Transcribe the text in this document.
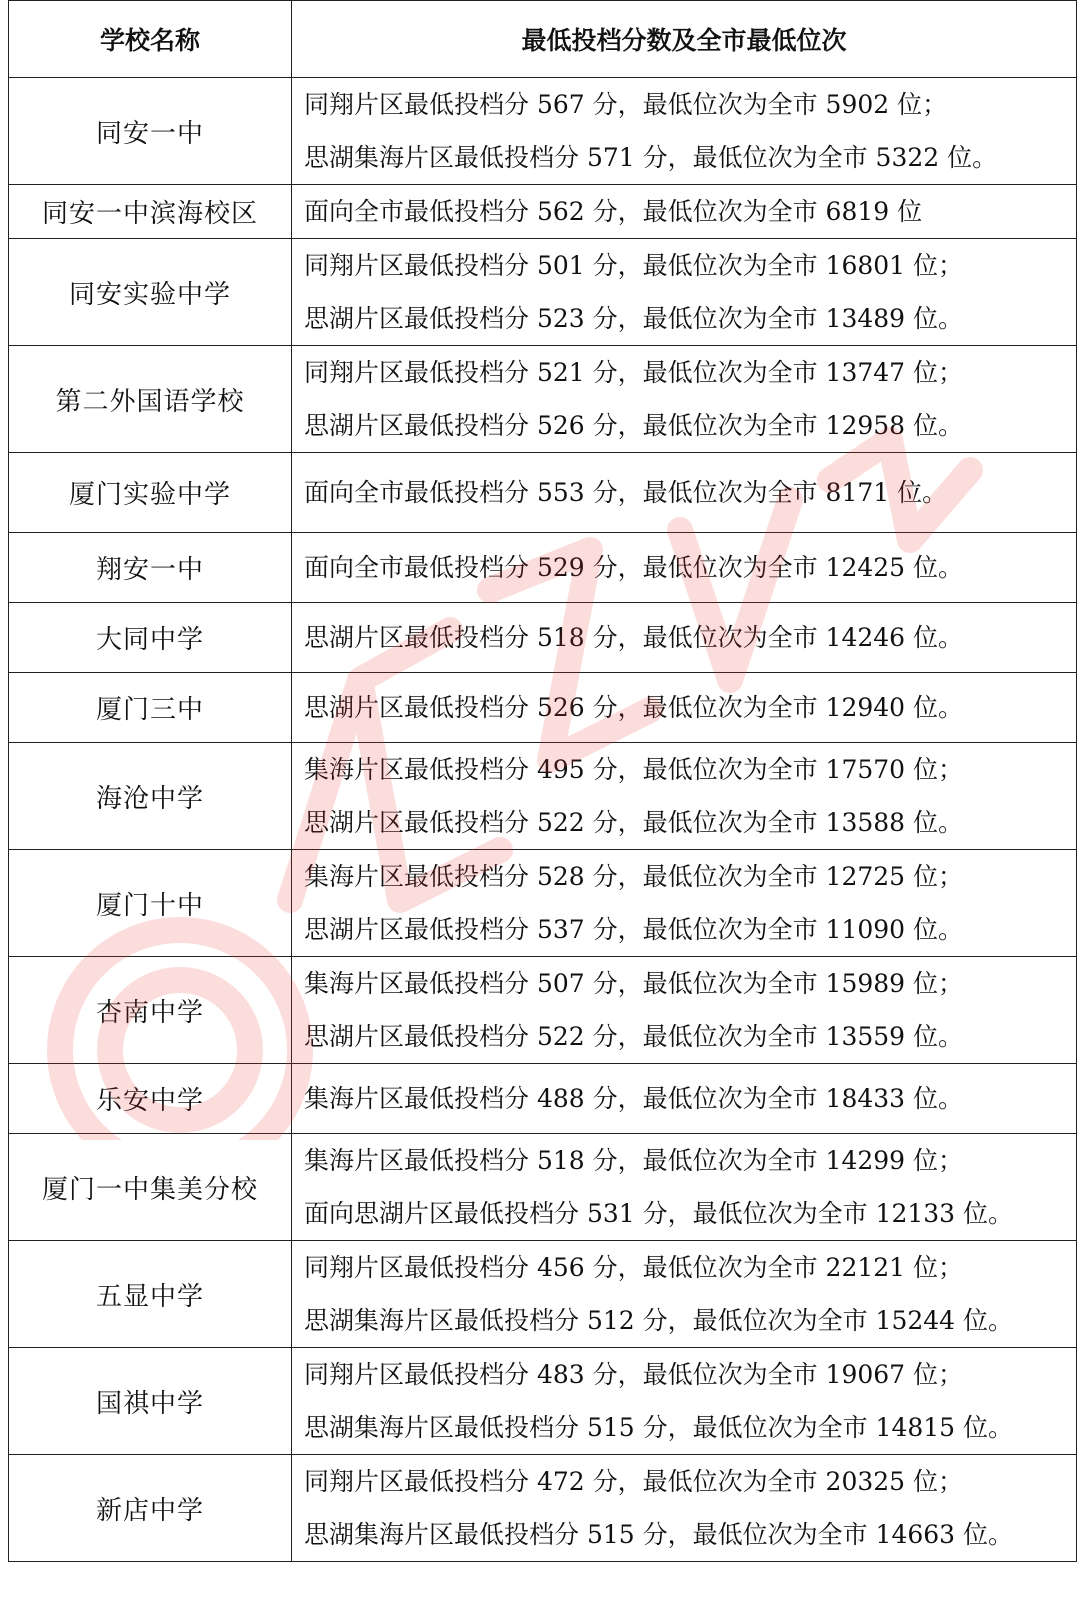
学校名称	最低投档分数及全市最低位次
同安一中	同翔片区最低投档分 567 分，最低位次为全市 5902 位；
思湖集海片区最低投档分 571 分，最低位次为全市 5322 位。

同安一中滨海校区	面向全市最低投档分 562 分，最低位次为全市 6819 位

同安实验中学	同翔片区最低投档分 501 分，最低位次为全市 16801 位；
思湖片区最低投档分 523 分，最低位次为全市 13489 位。

第二外国语学校	同翔片区最低投档分 521 分，最低位次为全市 13747 位；
思湖片区最低投档分 526 分，最低位次为全市 12958 位。

厦门实验中学	面向全市最低投档分 553 分，最低位次为全市 8171 位。

翔安一中	面向全市最低投档分 529 分，最低位次为全市 12425 位。

大同中学	思湖片区最低投档分 518 分，最低位次为全市 14246 位。

厦门三中	思湖片区最低投档分 526 分，最低位次为全市 12940 位。

海沧中学	集海片区最低投档分 495 分，最低位次为全市 17570 位；
思湖片区最低投档分 522 分，最低位次为全市 13588 位。

厦门十中	集海片区最低投档分 528 分，最低位次为全市 12725 位；
思湖片区最低投档分 537 分，最低位次为全市 11090 位。

杏南中学	集海片区最低投档分 507 分，最低位次为全市 15989 位；
思湖片区最低投档分 522 分，最低位次为全市 13559 位。

乐安中学	集海片区最低投档分 488 分，最低位次为全市 18433 位。

厦门一中集美分校	集海片区最低投档分 518 分，最低位次为全市 14299 位；
面向思湖片区最低投档分 531 分，最低位次为全市 12133 位。

五显中学	同翔片区最低投档分 456 分，最低位次为全市 22121 位；
思湖集海片区最低投档分 512 分，最低位次为全市 15244 位。

国祺中学	同翔片区最低投档分 483 分，最低位次为全市 19067 位；
思湖集海片区最低投档分 515 分，最低位次为全市 14815 位。

新店中学	同翔片区最低投档分 472 分，最低位次为全市 20325 位；
思湖集海片区最低投档分 515 分，最低位次为全市 14663 位。
